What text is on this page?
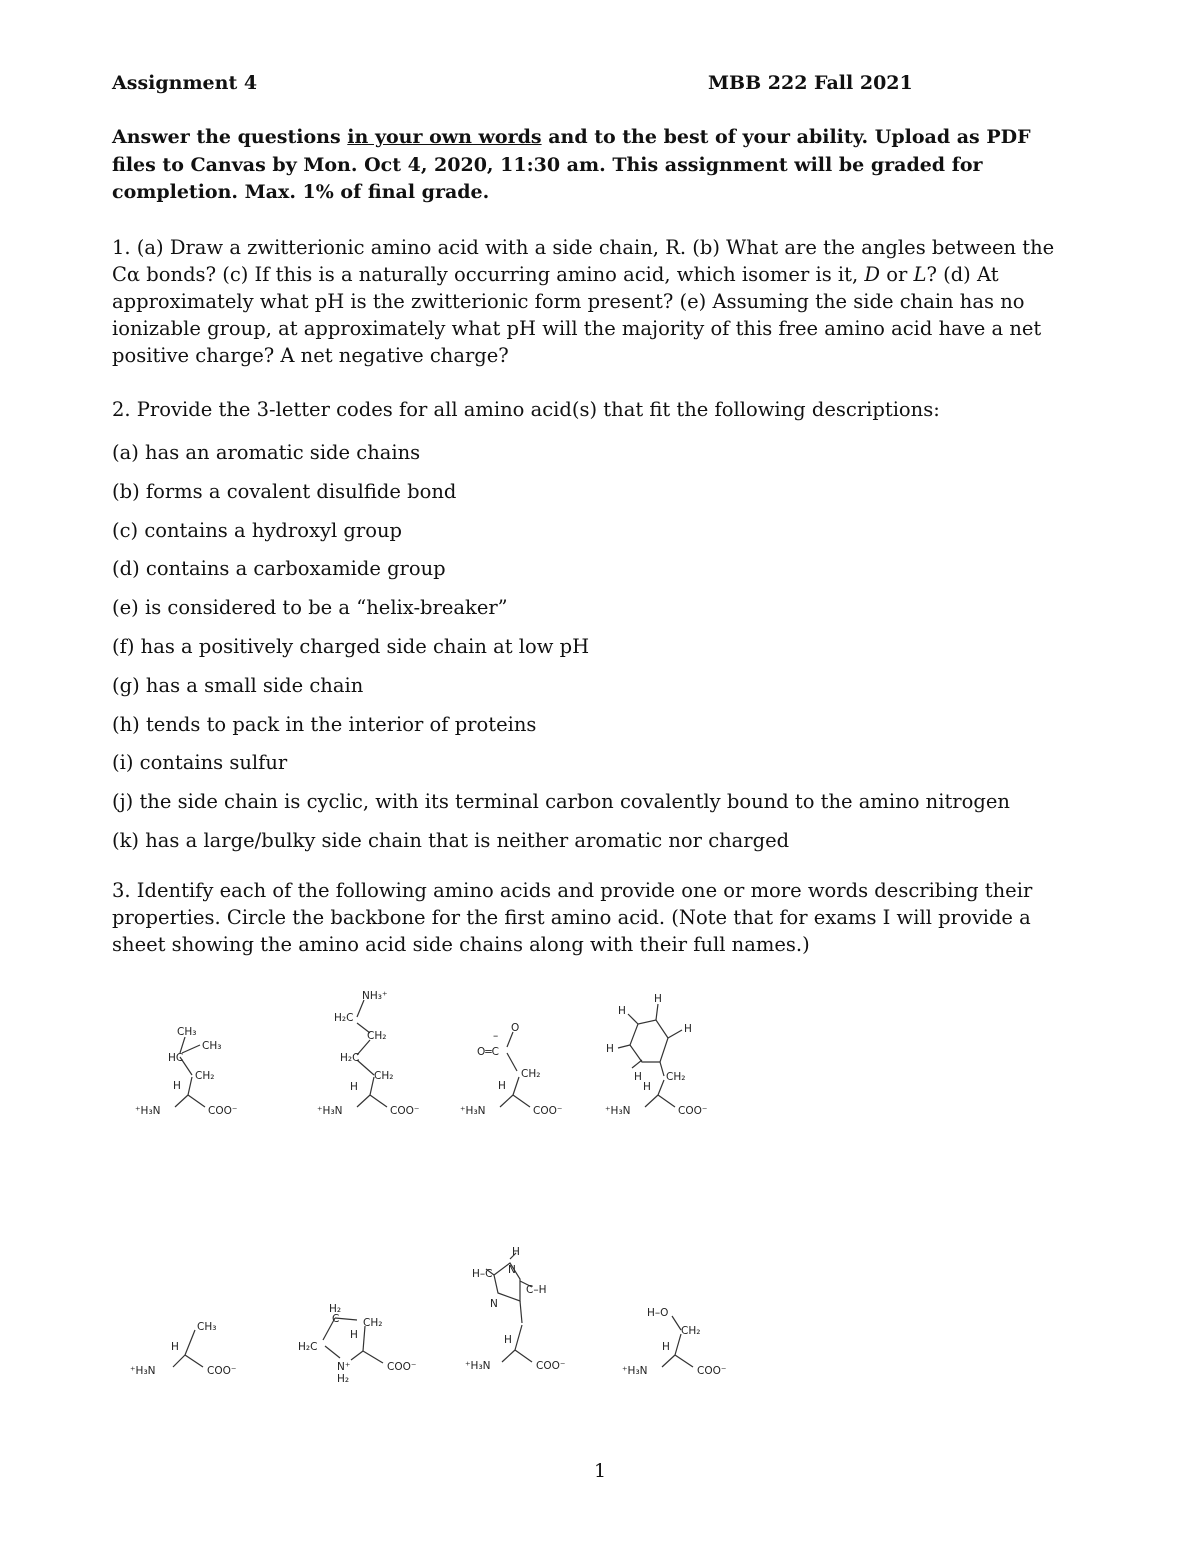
Assignment 4	MBB 222 Fall 2021
Answer the questions in your own words and to the best of your ability. Upload as PDF files to Canvas by Mon. Oct 4, 2020, 11:30 am. This assignment will be graded for completion. Max. 1% of final grade.
1. (a) Draw a zwitterionic amino acid with a side chain, R. (b) What are the angles between the Cα bonds? (c) If this is a naturally occurring amino acid, which isomer is it, D or L? (d) At approximately what pH is the zwitterionic form present? (e) Assuming the side chain has no ionizable group, at approximately what pH will the majority of this free amino acid have a net positive charge? A net negative charge?
2. Provide the 3-letter codes for all amino acid(s) that fit the following descriptions:
(a) has an aromatic side chains
(b) forms a covalent disulfide bond
(c) contains a hydroxyl group
(d) contains a carboxamide group
(e) is considered to be a “helix-breaker”
(f) has a positively charged side chain at low pH
(g) has a small side chain
(h) tends to pack in the interior of proteins
(i) contains sulfur
(j) the side chain is cyclic, with its terminal carbon covalently bound to the amino nitrogen
(k) has a large/bulky side chain that is neither aromatic nor charged
3. Identify each of the following amino acids and provide one or more words describing their properties. Circle the backbone for the first amino acid. (Note that for exams I will provide a sheet showing the amino acid side chains along with their full names.)
⁺H₃N	COO⁻
H
CH₂
HC
CH₃
CH₃
⁺H₃N	COO⁻
H
CH₂
H₂C
CH₂
H₂C
NH₃⁺
⁺H₃N	COO⁻
H
CH₂
O═C
O
–
⁺H₃N	COO⁻
H
CH₂
H
H
H
H
H
⁺H₃N	COO⁻
H
CH₃
H₂C
H₂
C CH₂
H
N⁺
H₂
COO⁻	⁺H₃N	COO⁻
H
N
N
H
C–H
H–C
⁺H₃N	COO⁻
H
CH₂
H–O
1
